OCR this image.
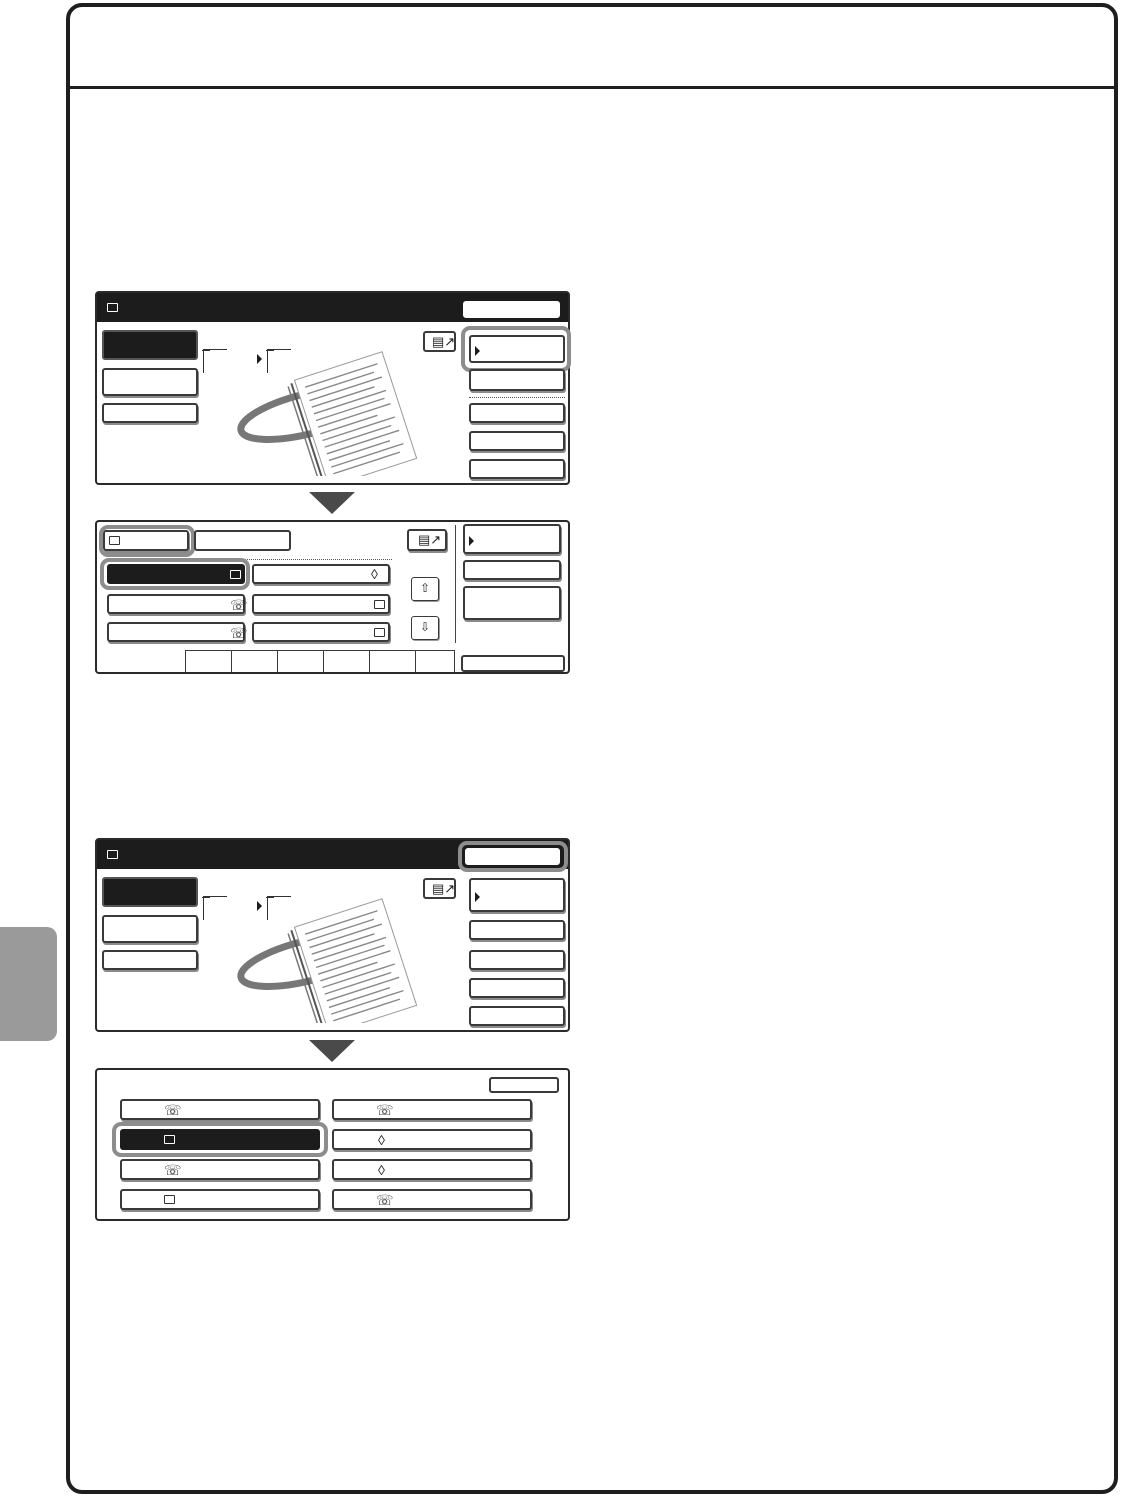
▤↗
▤↗
◊
☏
☏
⇧
⇩
▤↗
☏	☏
◊
☏	◊
☏
